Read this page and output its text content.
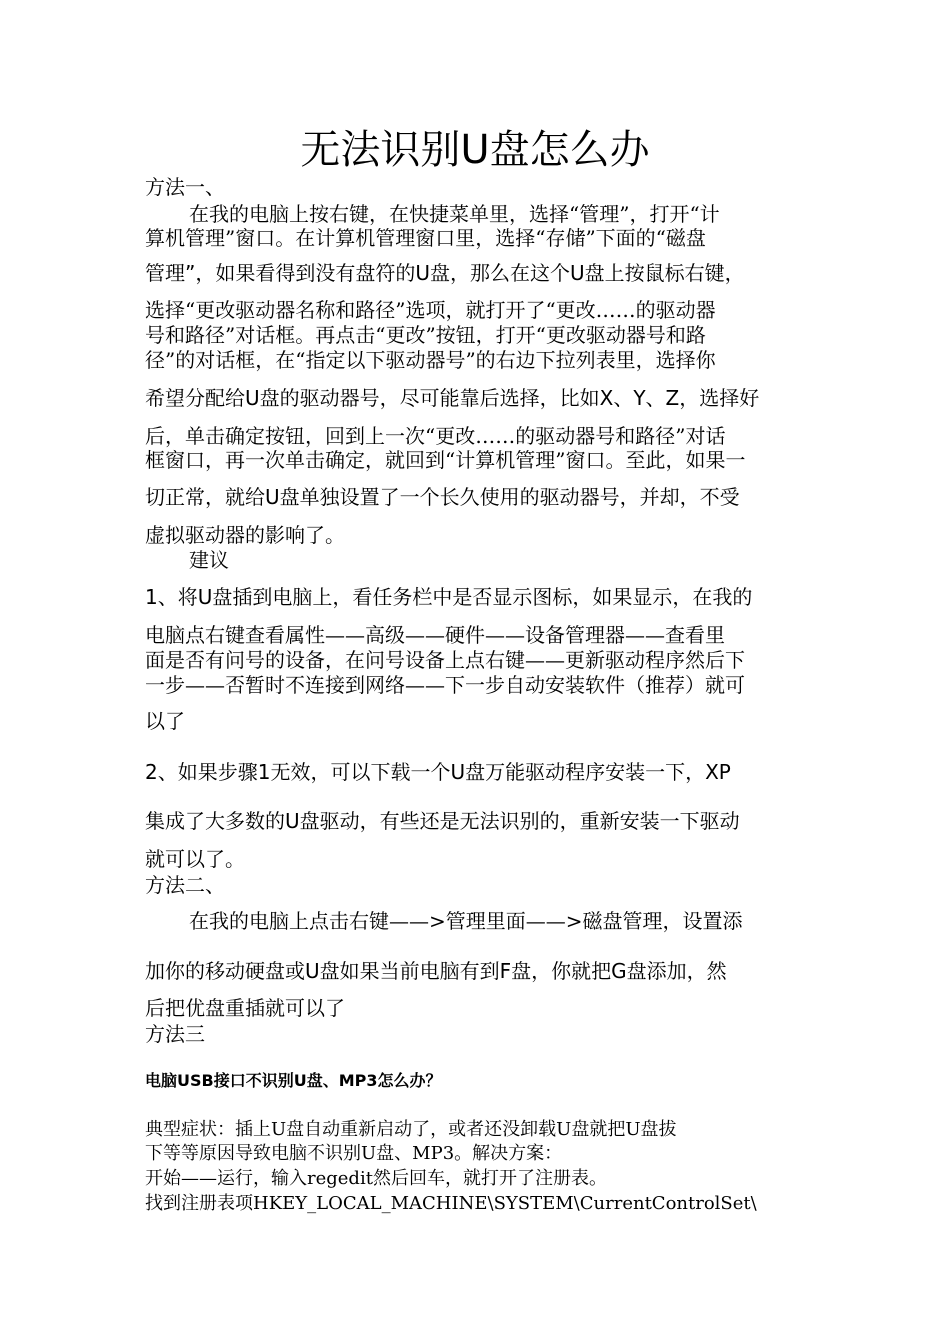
无法识别U盘怎么办
方法一、
在我的电脑上按右键，在快捷菜单里，选择“管理”，打开“计
算机管理”窗口。在计算机管理窗口里，选择“存储”下面的“磁盘
管理”，如果看得到没有盘符的U盘，那么在这个U盘上按鼠标右键，
选择“更改驱动器名称和路径”选项，就打开了“更改……的驱动器
号和路径”对话框。再点击“更改”按钮，打开“更改驱动器号和路
径”的对话框，在“指定以下驱动器号”的右边下拉列表里，选择你
希望分配给U盘的驱动器号，尽可能靠后选择，比如X、Y、Z，选择好
后，单击确定按钮，回到上一次“更改……的驱动器号和路径”对话
框窗口，再一次单击确定，就回到“计算机管理”窗口。至此，如果一
切正常，就给U盘单独设置了一个长久使用的驱动器号，并却，不受
虚拟驱动器的影响了。
建议
1、将U盘插到电脑上，看任务栏中是否显示图标，如果显示，在我的
电脑点右键查看属性——高级——硬件——设备管理器——查看里
面是否有问号的设备，在问号设备上点右键——更新驱动程序然后下
一步——否暂时不连接到网络——下一步自动安装软件（推荐）就可
以了
2、如果步骤1无效，可以下载一个U盘万能驱动程序安装一下，XP
集成了大多数的U盘驱动，有些还是无法识别的，重新安装一下驱动
就可以了。
方法二、
在我的电脑上点击右键——>管理里面——>磁盘管理，设置添
加你的移动硬盘或U盘如果当前电脑有到F盘，你就把G盘添加，然
后把优盘重插就可以了
方法三
电脑USB接口不识别U盘、MP3怎么办？
典型症状：插上U盘自动重新启动了，或者还没卸载U盘就把U盘拔
下等等原因导致电脑不识别U盘、MP3。解决方案：
开始——运行，输入regedit然后回车，就打开了注册表。
找到注册表项HKEY_LOCAL_MACHINE\SYSTEM\CurrentControlSet\
